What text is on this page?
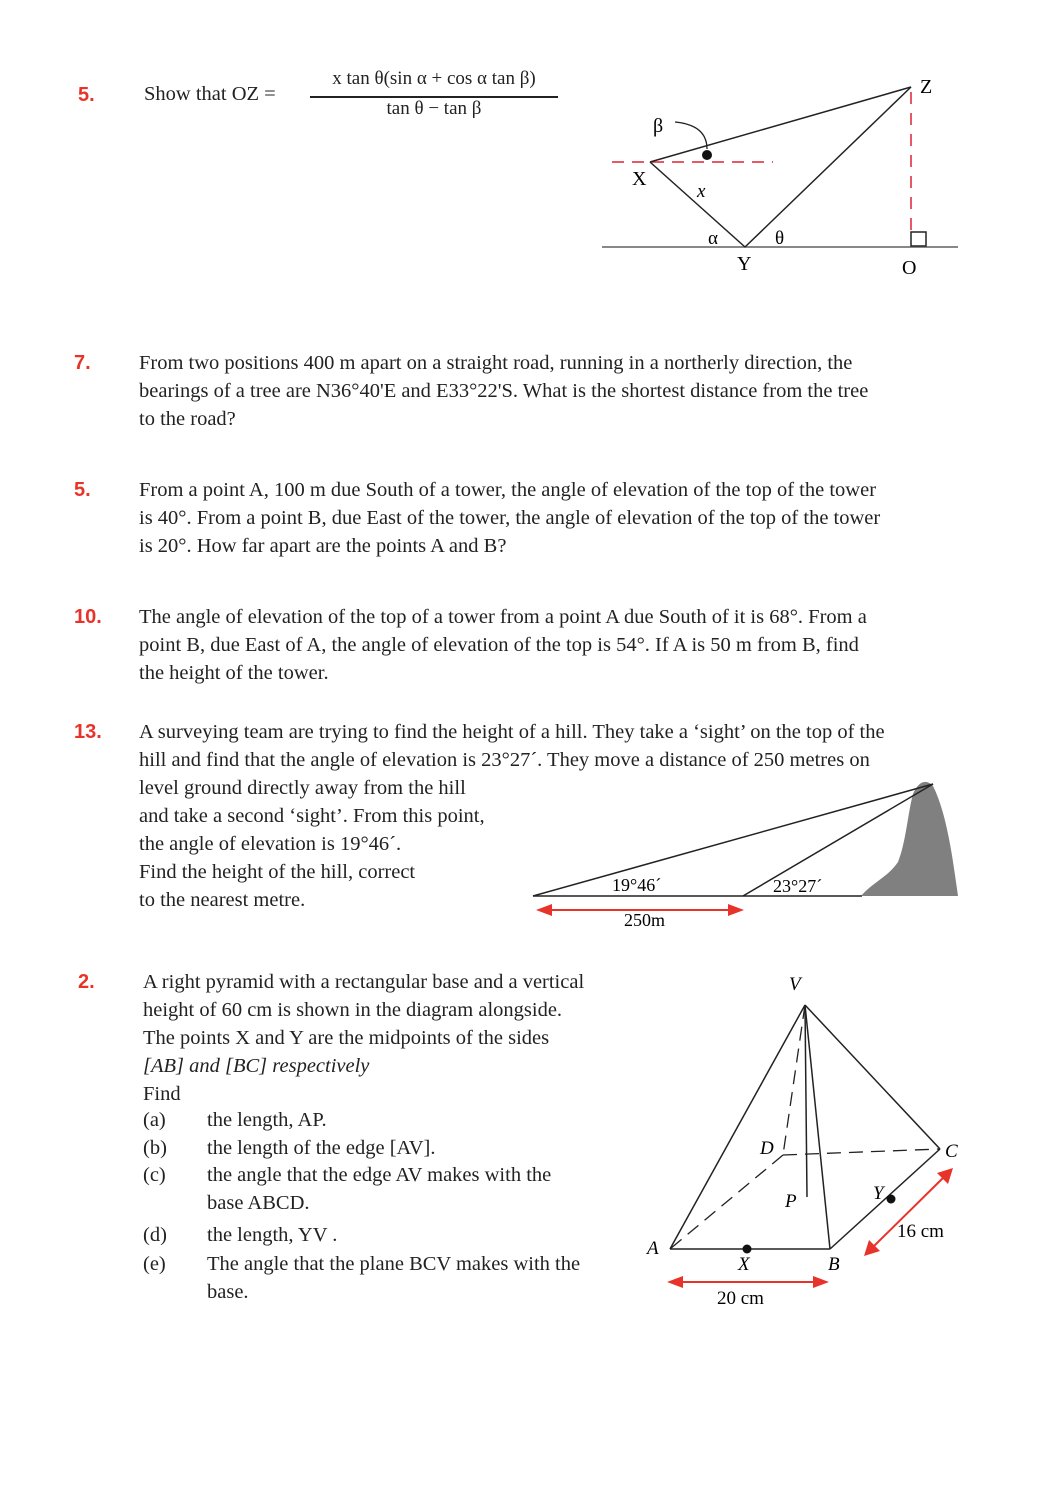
5. Show that OZ =
x tan θ(sin α + cos α tan β)
tan θ − tan β
Z
β
X
x
α	θ
Y	O
7. From two positions 400 m apart on a straight road, running in a northerly direction, the
bearings of a tree are N36°40'E and E33°22'S. What is the shortest distance from the tree
to the road?
5. From a point A, 100 m due South of a tower, the angle of elevation of the top of the tower
is 40°. From a point B, due East of the tower, the angle of elevation of the top of the tower
is 20°. How far apart are the points A and B?
10. The angle of elevation of the top of a tower from a point A due South of it is 68°. From a
point B, due East of A, the angle of elevation of the top is 54°. If A is 50 m from B, find
the height of the tower.
13. A surveying team are trying to find the height of a hill. They take a ‘sight’ on the top of the
hill and find that the angle of elevation is 23°27´. They move a distance of 250 metres on
level ground directly away from the hill
and take a second ‘sight’. From this point,
the angle of elevation is 19°46´.
Find the height of the hill, correct
to the nearest metre.
19°46´	23°27´
250m
2. A right pyramid with a rectangular base and a vertical
height of 60 cm is shown in the diagram alongside.
The points X and Y are the midpoints of the sides
[AB] and [BC] respectively
Find
(a) the length, AP.
(b) the length of the edge [AV].
(c) the angle that the edge AV makes with the
base ABCD.
(d) the length, YV .
(e) The angle that the plane BCV makes with the
base.
V
D	C
P	Y
A
B
X
16 cm
20 cm
